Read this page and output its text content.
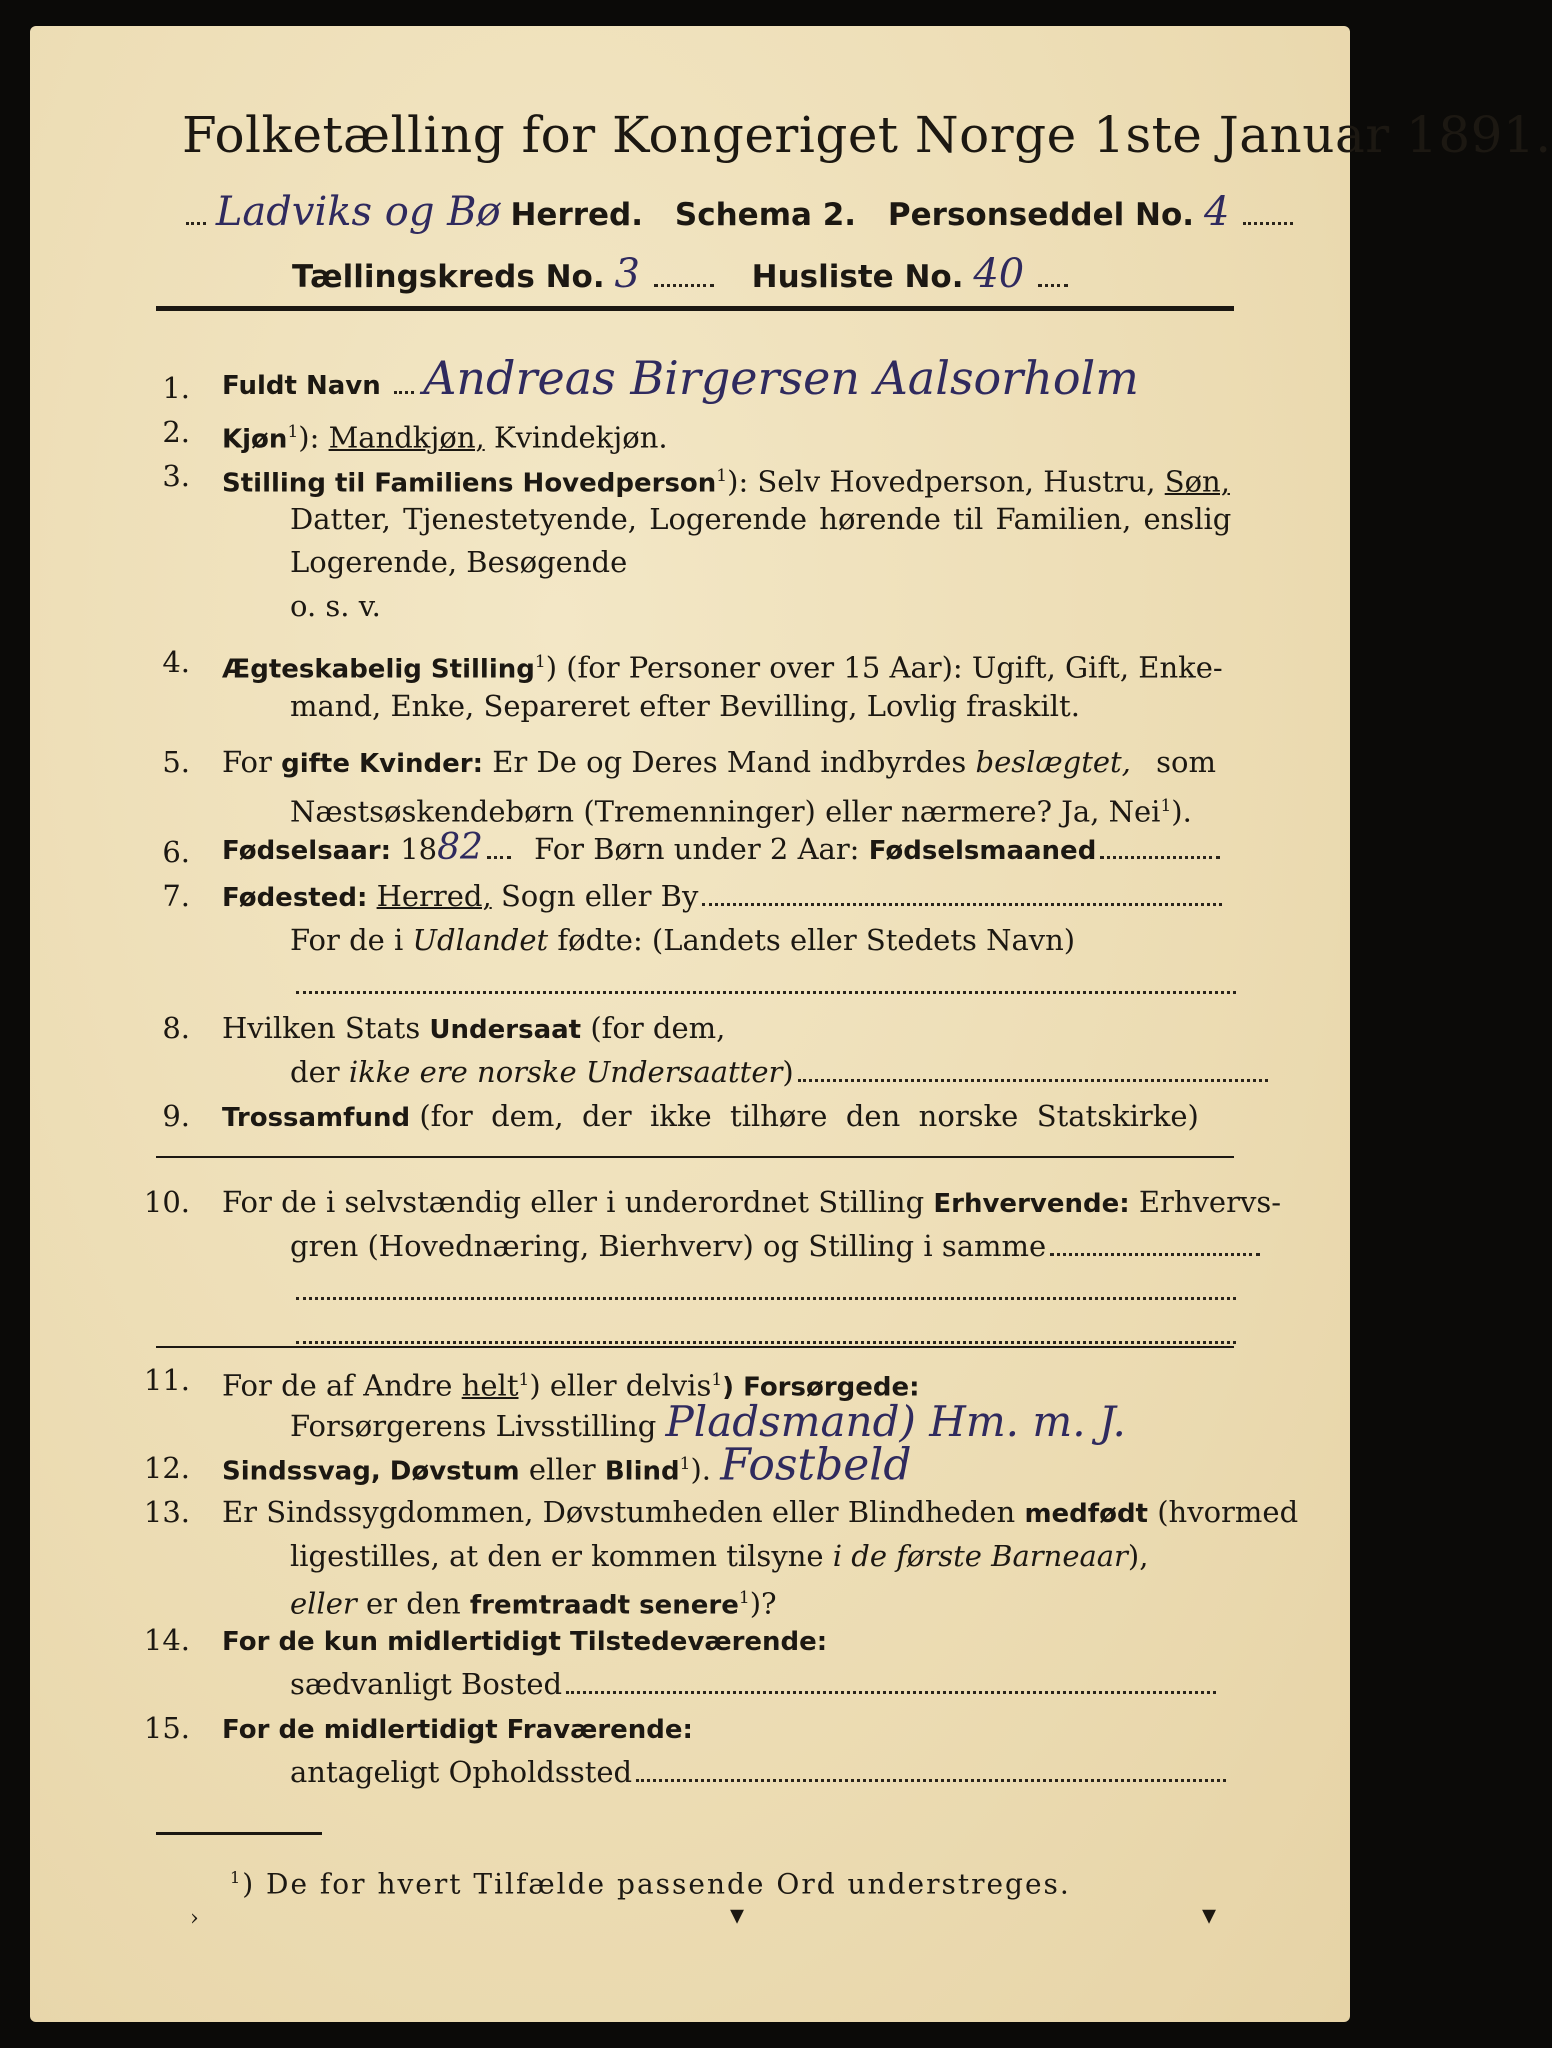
Folketælling for Kongeriget Norge 1ste Januar 1891.
Ladviks og Bø Herred. Schema 2. Personseddel No. 4
Tællingskreds No. 3	Husliste No. 40
1. Fuldt Navn Andreas Birgersen Aalsorholm
2. Kjøn$^1$): Mandkjøn, Kvindekjøn.
3. Stilling til Familiens Hovedperson$^1$): Selv Hovedperson, Hustru, Søn,
Datter, Tjenestetyende, Logerende hørende til Familien, enslig
Logerende, Besøgende
o. s. v.
4. Ægteskabelig Stilling$^1$) (for Personer over 15 Aar): Ugift, Gift, Enke-
mand, Enke, Separeret efter Bevilling, Lovlig fraskilt.
5. For gifte Kvinder: Er De og Deres Mand indbyrdes beslægtet, som
Næstsøskendebørn (Tremenninger) eller nærmere? Ja, Nei$^1$).
6. Fødselsaar: 1882 For Børn under 2 Aar: Fødselsmaaned
7. Fødested: Herred, Sogn eller By
For de i Udlandet fødte: (Landets eller Stedets Navn)
8. Hvilken Stats Undersaat (for dem,
der ikke ere norske Undersaatter)
9. Trossamfund (for  dem,  der  ikke  tilhøre  den  norske  Statskirke)
10. For de i selvstændig eller i underordnet Stilling Erhvervende: Erhvervs-
gren (Hovednæring, Bierhverv) og Stilling i samme
11. For de af Andre helt$^1$) eller delvis$^1$) Forsørgede:
Forsørgerens Livsstilling Pladsmand) Hm. m. J.
12. Sindssvag, Døvstum eller Blind$^1$). Fostbeld
13. Er Sindssygdommen, Døvstumheden eller Blindheden medfødt (hvormed
ligestilles, at den er kommen tilsyne i de første Barneaar),
eller er den fremtraadt senere$^1$)?
14. For de kun midlertidigt Tilstedeværende:
sædvanligt Bosted
15. For de midlertidigt Fraværende:
antageligt Opholdssted
$^1$) De for hvert Tilfælde passende Ord understreges.
›	▾	▾
